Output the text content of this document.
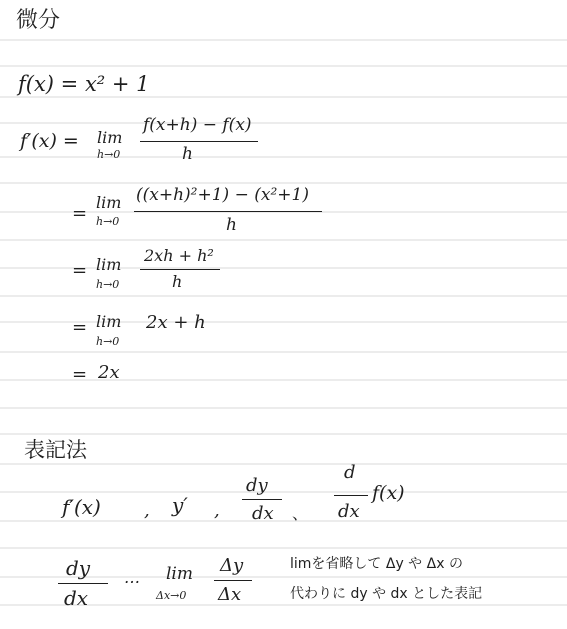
微分
f(x) = x² + 1
f′(x) = lim
h→0
f(x+h) − f(x)
h
=
lim
h→0
((x+h)²+1) − (x²+1)
h
= lim
h→0
2xh + h²
h
= lim
h→0
2x + h
= 2x
表記法
f′(x) , y′ ,
dy
dx 、
d
dx
f(x)
dy
dx
… lim
Δx→0
Δy
Δx
limを省略して Δy や Δx の
代わりに dy や dx とした表記
